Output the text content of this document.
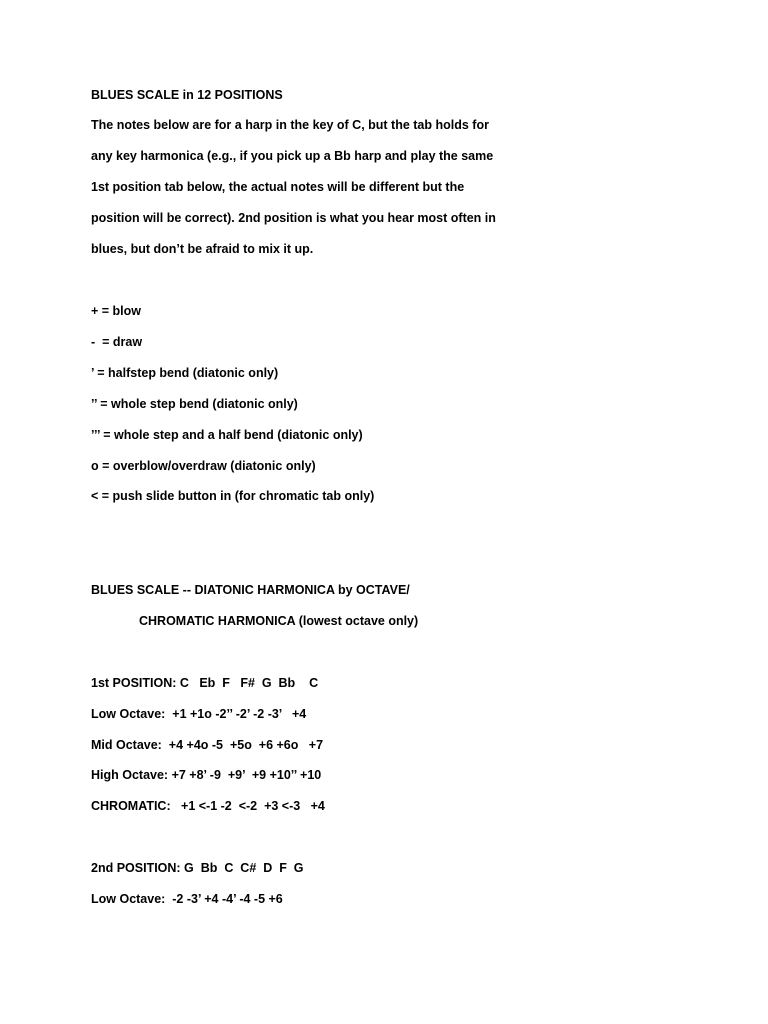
BLUES SCALE in 12 POSITIONS
The notes below are for a harp in the key of C, but the tab holds for
any key harmonica (e.g., if you pick up a Bb harp and play the same
1st position tab below, the actual notes will be different but the
position will be correct). 2nd position is what you hear most often in
blues, but don’t be afraid to mix it up.
+ = blow
-  = draw
’ = halfstep bend (diatonic only)
’’ = whole step bend (diatonic only)
’’’ = whole step and a half bend (diatonic only)
o = overblow/overdraw (diatonic only)
< = push slide button in (for chromatic tab only)
BLUES SCALE -- DIATONIC HARMONICA by OCTAVE/
CHROMATIC HARMONICA (lowest octave only)
1st POSITION: C   Eb  F   F#  G  Bb    C
Low Octave:  +1 +1o -2’’ -2’ -2 -3’   +4
Mid Octave:  +4 +4o -5  +5o  +6 +6o   +7
High Octave: +7 +8’ -9  +9’  +9 +10’’ +10
CHROMATIC:   +1 <-1 -2  <-2  +3 <-3   +4
2nd POSITION: G  Bb  C  C#  D  F  G
Low Octave:  -2 -3’ +4 -4’ -4 -5 +6
